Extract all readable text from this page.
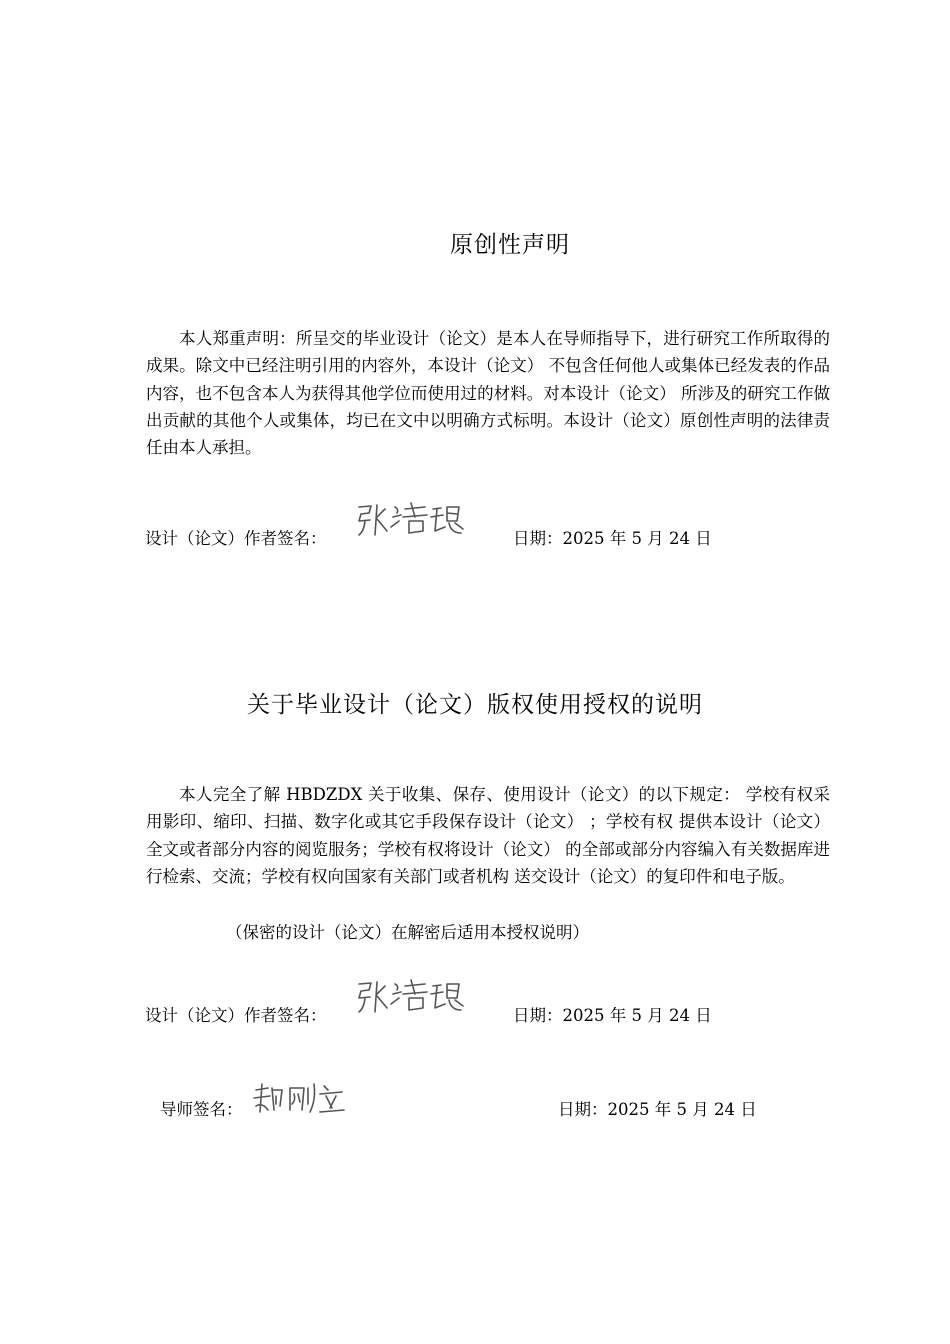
原创性声明

本人郑重声明：所呈交的毕业设计（论文）是本人在导师指导下，进行研究工作所取得的成果。除文中已经注明引用的内容外，本设计（论文） 不包含任何他人或集体已经发表的作品内容，也不包含本人为获得其他学位而使用过的材料。对本设计（论文） 所涉及的研究工作做出贡献的其他个人或集体，均已在文中以明确方式标明。本设计（论文）原创性声明的法律责任由本人承担。

设计（论文）作者签名：	日期：2025 年 5 月 24 日
关于毕业设计（论文）版权使用授权的说明

本人完全了解 HBDZDX 关于收集、保存、使用设计（论文）的以下规定： 学校有权采用影印、缩印、扫描、数字化或其它手段保存设计（论文） ；学校有权 提供本设计（论文） 全文或者部分内容的阅览服务；学校有权将设计（论文） 的全部或部分内容编入有关数据库进行检索、交流；学校有权向国家有关部门或者机构 送交设计（论文）的复印件和电子版。

（保密的设计（论文）在解密后适用本授权说明）

设计（论文）作者签名：	日期：2025 年 5 月 24 日
导师签名：	日期：2025 年 5 月 24 日
